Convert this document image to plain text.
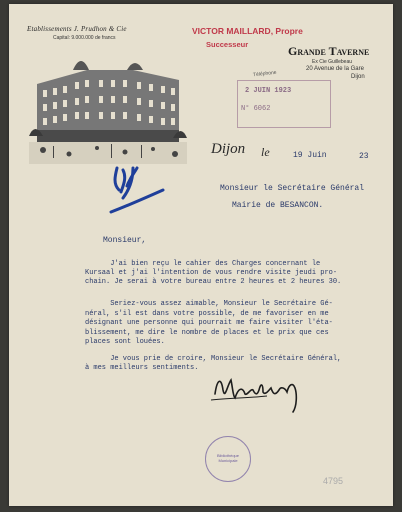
Etablissements J. Prudhon & Cie
Capital: 9.000.000 de francs
VICTOR MAILLARD, Propre
Successeur	Grande Taverne
Ex Cie Guillebeau
20 Avenue de la Gare
Dijon
Téléphone
2 JUIN 1923
N° 6062
Dijon le	19 Juin	23
Monsieur le Secrétaire Général
Mairie de BESANCON.
Monsieur,
J'ai bien reçu le cahier des Charges concernant le
Kursaal et j'ai l'intention de vous rendre visite jeudi pro-
chain. Je serai à votre bureau entre 2 heures et 2 heures 30.
Seriez-vous assez aimable, Monsieur le Secrétaire Gé-
néral, s'il est dans votre possible, de me favoriser en me
désignant une personne qui pourrait me faire visiter l'éta-
blissement, me dire le nombre de places et le prix que ces
places sont louées.
Je vous prie de croire, Monsieur le Secrétaire Général,
à mes meilleurs sentiments.
Bibliothèque Municipale
4795
